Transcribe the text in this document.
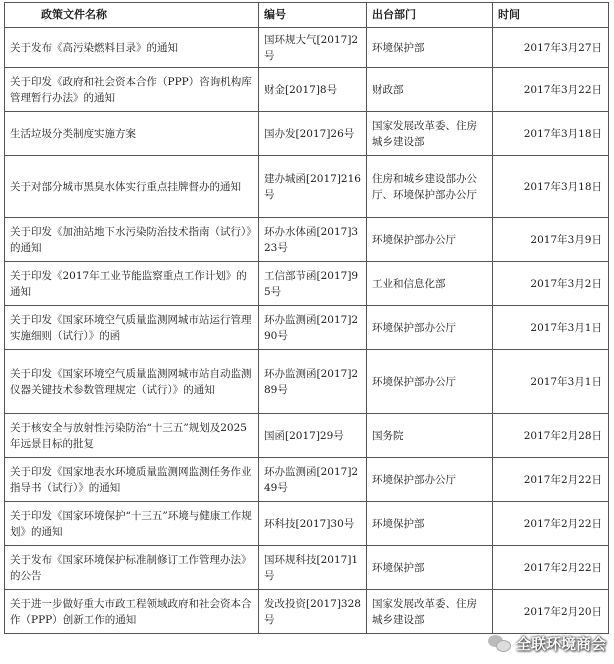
政策文件名称	编号	出台部门	时间
关于发布《高污染燃料目录》的通知	国环规大气[2017]2号	环境保护部	2017年3月27日
关于印发《政府和社会资本合作（PPP）咨询机构库管理暂行办法》的通知	财金[2017]8号	财政部	2017年3月22日
生活垃圾分类制度实施方案	国办发[2017]26号	国家发展改革委、住房城乡建设部	2017年3月18日
关于对部分城市黑臭水体实行重点挂牌督办的通知	建办城函[2017]216号	住房和城乡建设部办公厅、环境保护部办公厅	2017年3月18日
关于印发《加油站地下水污染防治技术指南（试行）》的通知	环办水体函[2017]323号	环境保护部办公厅	2017年3月9日
关于印发《2017年工业节能监察重点工作计划》的通知	工信部节函[2017]95号	工业和信息化部	2017年3月2日
关于印发《国家环境空气质量监测网城市站运行管理实施细则（试行）》的函	环办监测函[2017]290号	环境保护部办公厅	2017年3月1日
关于印发《国家环境空气质量监测网城市站自动监测仪器关键技术参数管理规定（试行）》的通知	环办监测函[2017]289号	环境保护部办公厅	2017年3月1日
关于核安全与放射性污染防治“十三五”规划及2025年远景目标的批复	国函[2017]29号	国务院	2017年2月28日
关于印发《国家地表水环境质量监测网监测任务作业指导书（试行）》的通知	环办监测函[2017]249号	环境保护部办公厅	2017年2月22日
关于印发《国家环境保护“十三五”环境与健康工作规划》的通知	环科技[2017]30号	环境保护部	2017年2月22日
关于发布《国家环境保护标准制修订工作管理办法》的公告	国环规科技[2017]1号	环境保护部	2017年2月22日
关于进一步做好重大市政工程领域政府和社会资本合作（PPP）创新工作的通知	发改投资[2017]328号	国家发展改革委、住房城乡建设部	2017年2月20日
全联环境商会
